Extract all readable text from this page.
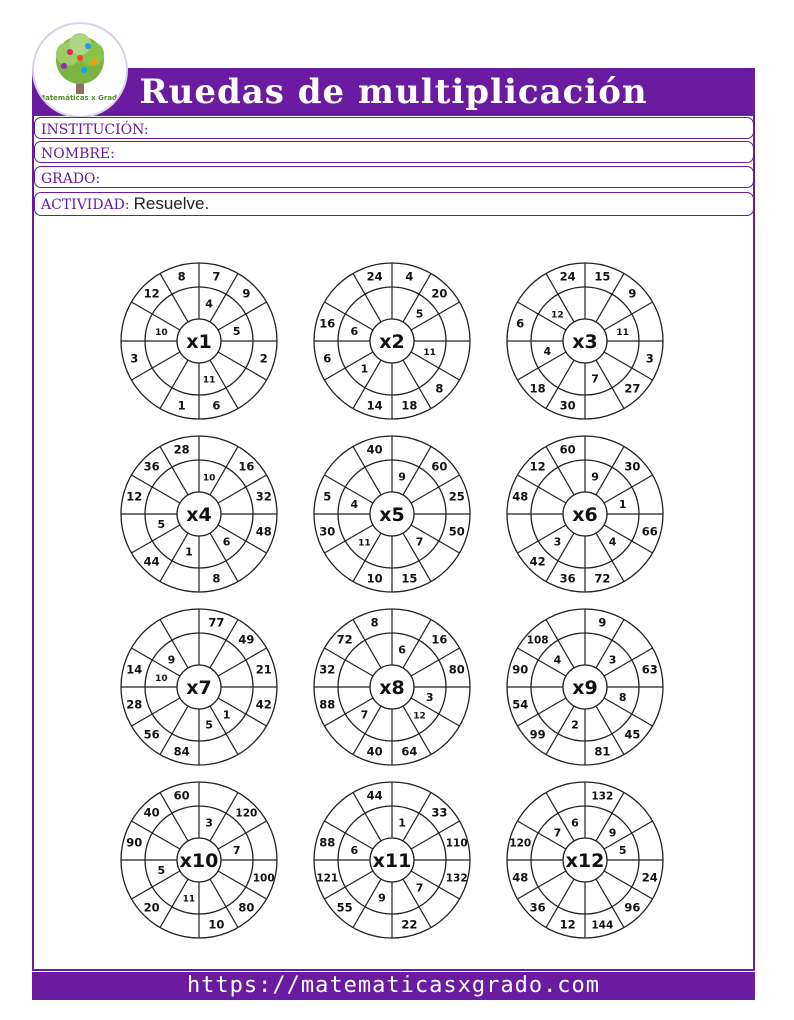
Ruedas de multiplicación
Matemáticas x Grado
INSTITUCIÓN:
NOMBRE:
GRADO:
ACTIVIDAD: Resuelve.
x1
4
7
9
5
2
11
6
1
3
10
12
8
x2
4
5
20
11
8
18
14
1
6
6
16
24
x3
15
9
11
3
27
7
30
18
4
6
12
24
x4
10
16
32
48
6
8
1
44
5
12
36
28
x5
9
60
25
50
7
15
10
11
30
4
5
40
x6
9
30
1
66
4
72
36
3
42
48
12
60
x7
77
49
21
42
1
5
84
56
28
10
14
9
x8
6
16
80
3
12
64
40
7
88
32
72
8
x9
9
3
63
8
45
81
2
99
54
90
4
108
x10
3
120
7
100
80
10
11
20
5
90
40
60
x11
1
33
110
132
7
22
9
55
121
6
88
44
x12
132
9
5
24
96
144
12
36
48
120
7
6
https://matematicasxgrado.com
